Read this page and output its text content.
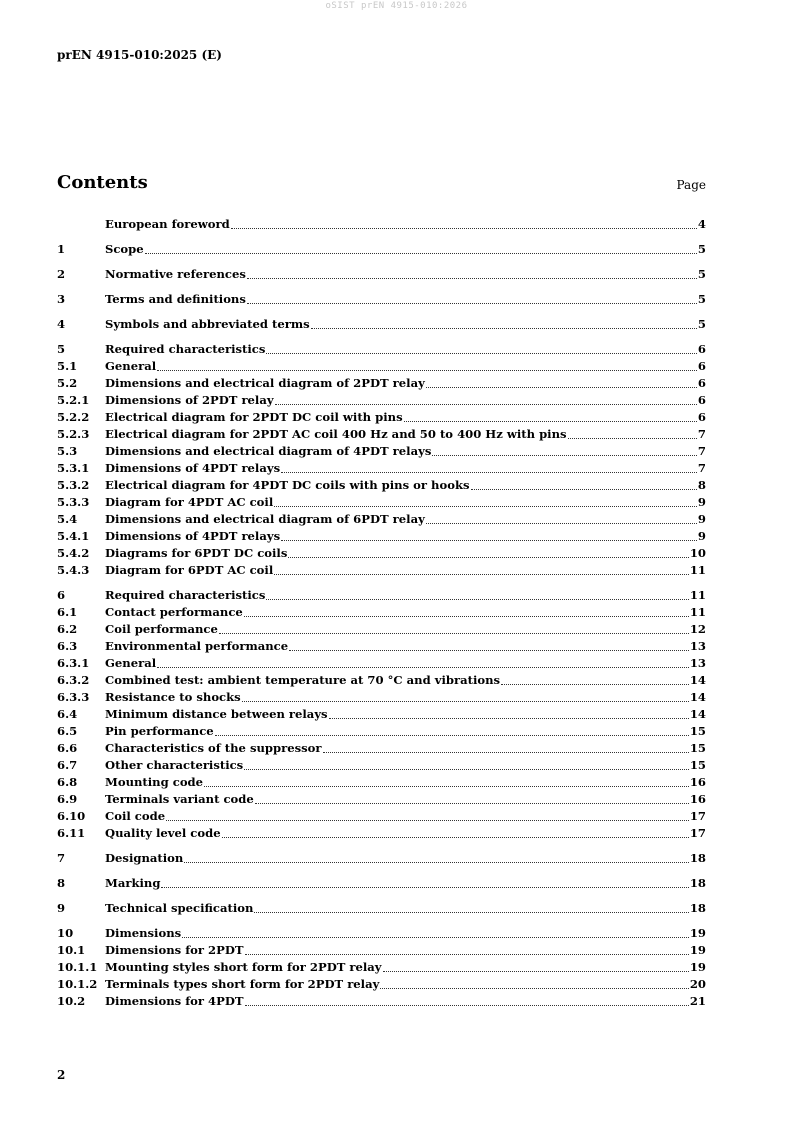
oSIST prEN 4915-010:2026
prEN 4915-010:2025 (E)
Contents	Page
European foreword	4
1	Scope	5
2	Normative references	5
3	Terms and definitions	5
4	Symbols and abbreviated terms	5
5	Required characteristics	6
5.1	General	6
5.2	Dimensions and electrical diagram of 2PDT relay	6
5.2.1	Dimensions of 2PDT relay	6
5.2.2	Electrical diagram for 2PDT DC coil with pins	6
5.2.3	Electrical diagram for 2PDT AC coil 400 Hz and 50 to 400 Hz with pins	7
5.3	Dimensions and electrical diagram of 4PDT relays	7
5.3.1	Dimensions of 4PDT relays	7
5.3.2	Electrical diagram for 4PDT DC coils with pins or hooks	8
5.3.3	Diagram for 4PDT AC coil	9
5.4	Dimensions and electrical diagram of 6PDT relay	9
5.4.1	Dimensions of 4PDT relays	9
5.4.2	Diagrams for 6PDT DC coils	10
5.4.3	Diagram for 6PDT AC coil	11
6	Required characteristics	11
6.1	Contact performance	11
6.2	Coil performance	12
6.3	Environmental performance	13
6.3.1	General	13
6.3.2	Combined test: ambient temperature at 70 °C and vibrations	14
6.3.3	Resistance to shocks	14
6.4	Minimum distance between relays	14
6.5	Pin performance	15
6.6	Characteristics of the suppressor	15
6.7	Other characteristics	15
6.8	Mounting code	16
6.9	Terminals variant code	16
6.10	Coil code	17
6.11	Quality level code	17
7	Designation	18
8	Marking	18
9	Technical specification	18
10	Dimensions	19
10.1	Dimensions for 2PDT	19
10.1.1 Mounting styles short form for 2PDT relay	19
10.1.2 Terminals types short form for 2PDT relay	20
10.2	Dimensions for 4PDT	21
2
